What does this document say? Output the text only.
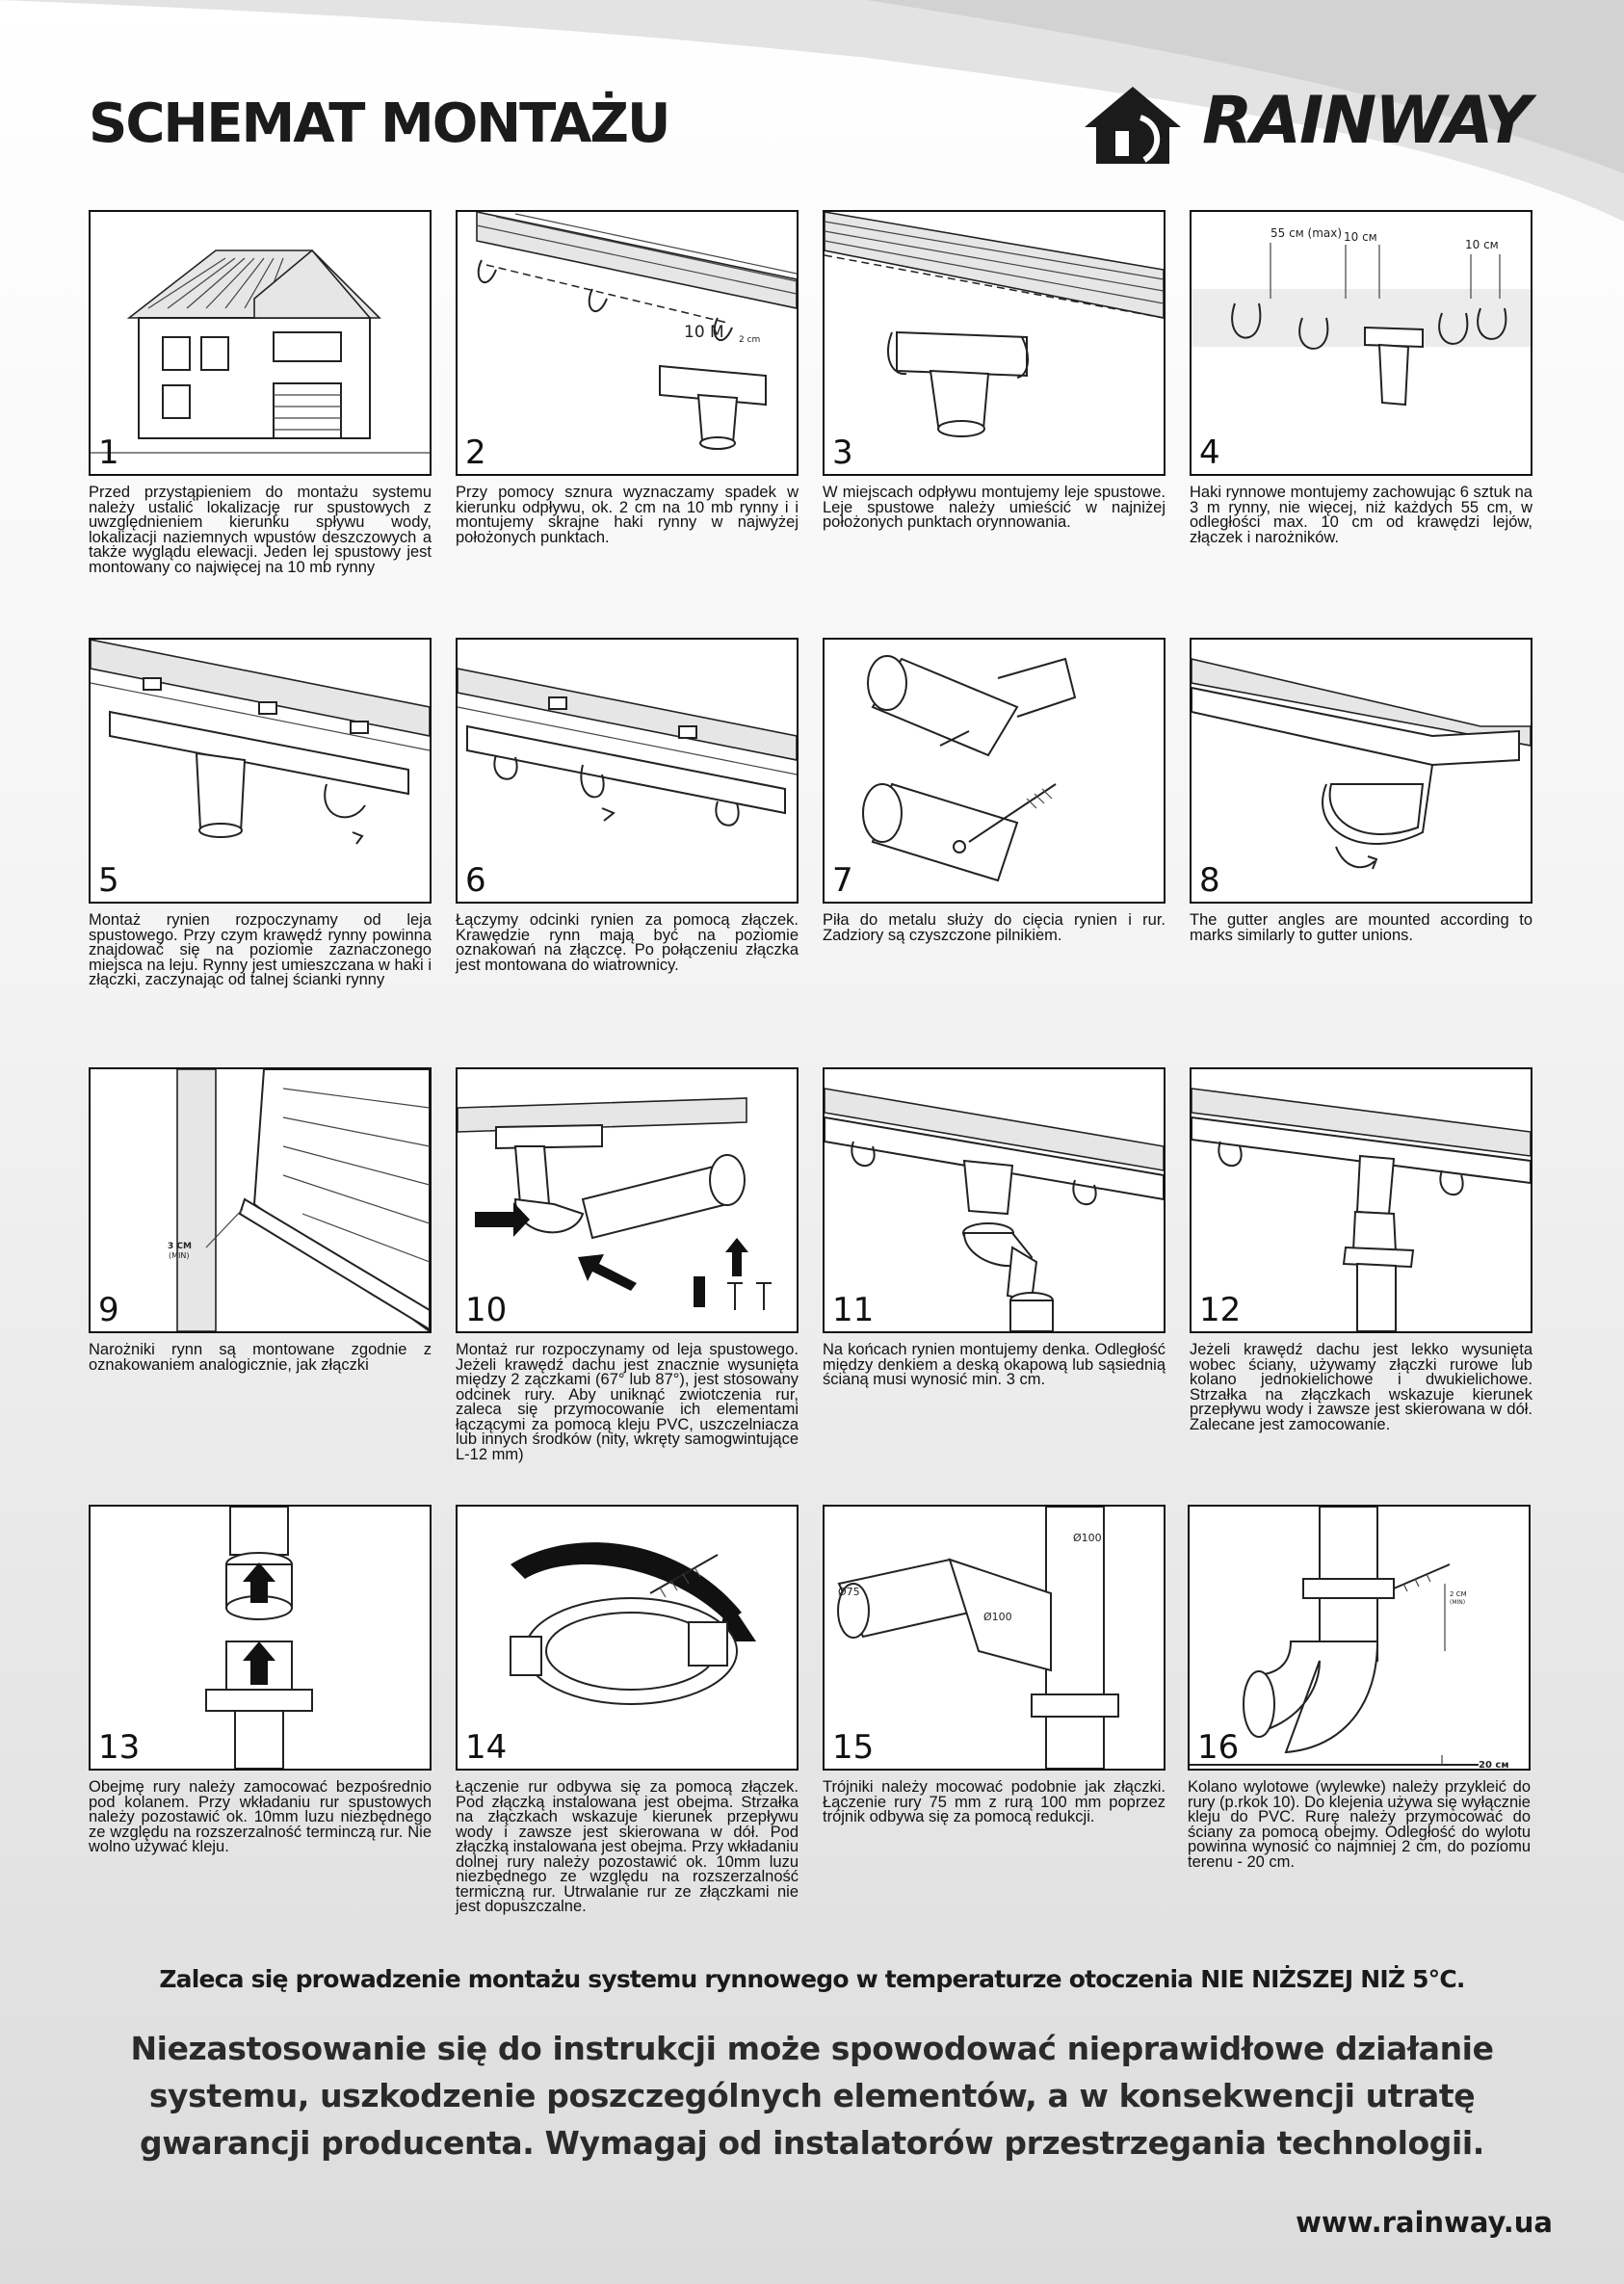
SCHEMAT MONTAŻU	RAINWAY
1
Przed przystąpieniem do montażu systemu należy ustalić lokalizację rur spustowych z uwzględnieniem kierunku spływu wody, lokalizacji naziemnych wpustów deszczowych a także wyglądu elewacji. Jeden lej spustowy jest montowany co najwięcej na 10 mb rynny
10 M 2 cm
2
Przy pomocy sznura wyznaczamy spadek w kierunku odpływu, ok. 2 cm na 10 mb rynny i i montujemy skrajne haki rynny w najwyżej położonych punktach.
3
W miejscach odpływu montujemy leje spustowe. Leje spustowe należy umieścić w najniżej położonych punktach orynnowania.
55 см (max) 10 см
10 см
4
Haki rynnowe montujemy zachowując 6 sztuk na 3 m rynny, nie więcej, niż każdych 55 cm, w odległości max. 10 cm od krawędzi lejów, złączek i narożników.
5
Montaż rynien rozpoczynamy od leja spustowego. Przy czym krawędź rynny powinna znajdować się na poziomie zaznaczonego miejsca na leju. Rynny jest umieszczana w haki i złączki, zaczynając od talnej ścianki rynny
6
Łączymy odcinki rynien za pomocą złączek. Krawędzie rynn mają być na poziomie oznakowań na złączcę. Po połączeniu złączka jest montowana do wiatrownicy.
7
Piła do metalu służy do cięcia rynien i rur. Zadziory są czyszczone pilnikiem.
8
The gutter angles are mounted according to marks similarly to gutter unions.
3 CM
(MIN)
9
Narożniki rynn są montowane zgodnie z oznakowaniem analogicznie, jak złączki
10
Montaż rur rozpoczynamy od leja spustowego. Jeżeli krawędź dachu jest znacznie wysunięta między 2 zączkami (67° lub 87°), jest stosowany odcinek rury. Aby uniknąć zwiotczenia rur, zaleca się przymocowanie ich elementami łączącymi za pomocą kleju PVC, uszczelniacza lub innych środków (nity, wkręty samogwintujące L-12 mm)
11
Na końcach rynien montujemy denka. Odległość między denkiem a deską okapową lub sąsiednią ścianą musi wynosić min. 3 cm.
12
Jeżeli krawędź dachu jest lekko wysunięta wobec ściany, używamy złączki rurowe lub kolano jednokielichowe i dwukielichowe. Strzałka na złączkach wskazuje kierunek przepływu wody i zawsze jest skierowana w dół. Zalecane jest zamocowanie.
13
Obejmę rury należy zamocować bezpośrednio pod kolanem. Przy wkładaniu rur spustowych należy pozostawić ok. 10mm luzu niezbędnego ze względu na rozszerzalność terminczą rur. Nie wolno używać kleju.
14
Łączenie rur odbywa się za pomocą złączek. Pod złączką instalowana jest obejma. Strzałka na złączkach wskazuje kierunek przepływu wody i zawsze jest skierowana w dół. Pod złączką instalowana jest obejma. Przy wkładaniu dolnej rury należy pozostawić ok. 10mm luzu niezbędnego ze względu na rozszerzalność termiczną rur. Utrwalanie rur ze złączkami nie jest dopuszczalne.
Ø100
Ø75
Ø100
15
Trójniki należy mocować podobnie jak złączki. Łączenie rury 75 mm z rurą 100 mm poprzez trójnik odbywa się za pomocą redukcji.
2 CM
(MIN)
20 см
16
Kolano wylotowe (wylewke) należy przykleić do rury (p.rkok 10). Do klejenia używa się wyłącznie kleju do PVC. Rurę należy przymocować do ściany za pomocą obejmy. Odległość do wylotu powinna wynosić co najmniej 2 cm, do poziomu terenu - 20 cm.
Zaleca się prowadzenie montażu systemu rynnowego w temperaturze otoczenia NIE NIŻSZEJ NIŻ 5°C.
Niezastosowanie się do instrukcji może spowodować nieprawidłowe działanie systemu, uszkodzenie poszczególnych elementów, a w konsekwencji utratę gwarancji producenta. Wymagaj od instalatorów przestrzegania technologii.
www.rainway.ua
